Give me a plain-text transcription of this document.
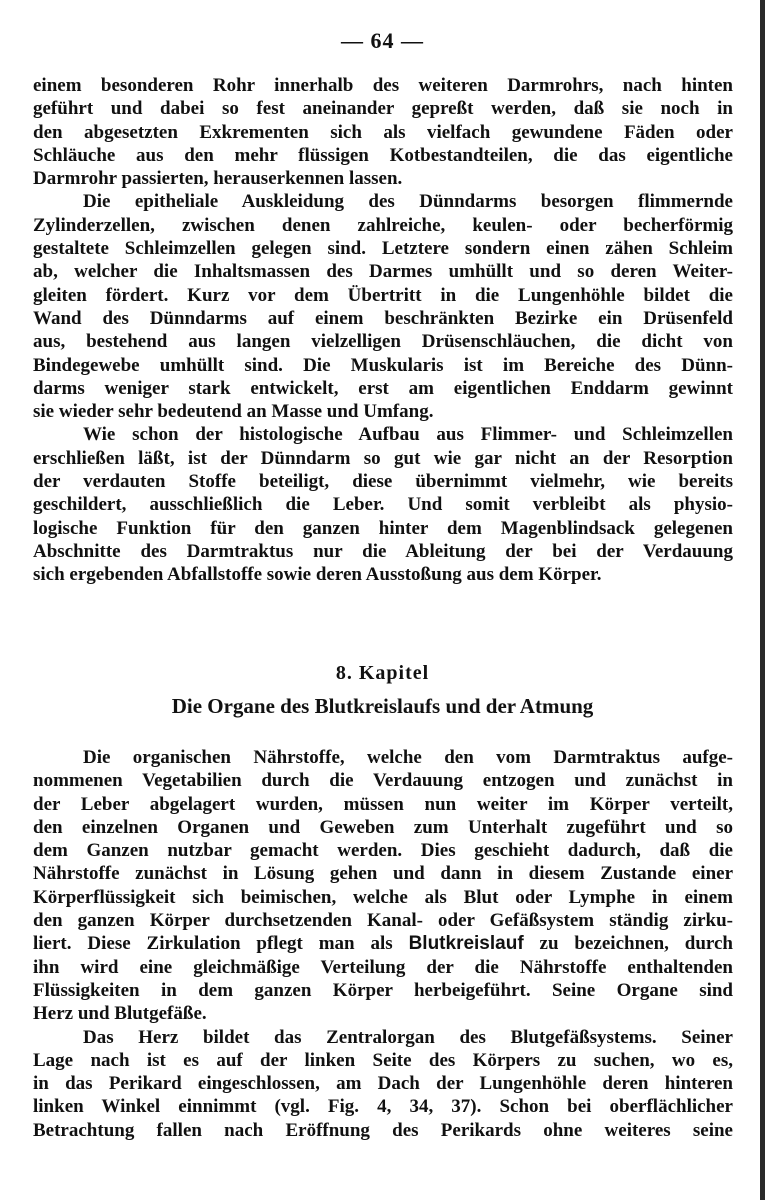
— 64 —
einem besonderen Rohr innerhalb des weiteren Darmrohrs, nach hinten
geführt und dabei so fest aneinander gepreßt werden, daß sie noch in
den abgesetzten Exkrementen sich als vielfach gewundene Fäden oder
Schläuche aus den mehr flüssigen Kotbestandteilen, die das eigentliche
Darmrohr passierten, herauserkennen lassen.
Die epitheliale Auskleidung des Dünndarms besorgen flimmernde
Zylinderzellen, zwischen denen zahlreiche, keulen- oder becherförmig
gestaltete Schleimzellen gelegen sind. Letztere sondern einen zähen Schleim
ab, welcher die Inhaltsmassen des Darmes umhüllt und so deren Weiter-
gleiten fördert. Kurz vor dem Übertritt in die Lungenhöhle bildet die
Wand des Dünndarms auf einem beschränkten Bezirke ein Drüsenfeld
aus, bestehend aus langen vielzelligen Drüsenschläuchen, die dicht von
Bindegewebe umhüllt sind. Die Muskularis ist im Bereiche des Dünn-
darms weniger stark entwickelt, erst am eigentlichen Enddarm gewinnt
sie wieder sehr bedeutend an Masse und Umfang.
Wie schon der histologische Aufbau aus Flimmer- und Schleimzellen
erschließen läßt, ist der Dünndarm so gut wie gar nicht an der Resorption
der verdauten Stoffe beteiligt, diese übernimmt vielmehr, wie bereits
geschildert, ausschließlich die Leber. Und somit verbleibt als physio-
logische Funktion für den ganzen hinter dem Magenblindsack gelegenen
Abschnitte des Darmtraktus nur die Ableitung der bei der Verdauung
sich ergebenden Abfallstoffe sowie deren Ausstoßung aus dem Körper.
8. Kapitel
Die Organe des Blutkreislaufs und der Atmung
Die organischen Nährstoffe, welche den vom Darmtraktus aufge-
nommenen Vegetabilien durch die Verdauung entzogen und zunächst in
der Leber abgelagert wurden, müssen nun weiter im Körper verteilt,
den einzelnen Organen und Geweben zum Unterhalt zugeführt und so
dem Ganzen nutzbar gemacht werden. Dies geschieht dadurch, daß die
Nährstoffe zunächst in Lösung gehen und dann in diesem Zustande einer
Körperflüssigkeit sich beimischen, welche als Blut oder Lymphe in einem
den ganzen Körper durchsetzenden Kanal- oder Gefäßsystem ständig zirku-
liert. Diese Zirkulation pflegt man als Blutkreislauf zu bezeichnen, durch
ihn wird eine gleichmäßige Verteilung der die Nährstoffe enthaltenden
Flüssigkeiten in dem ganzen Körper herbeigeführt. Seine Organe sind
Herz und Blutgefäße.
Das Herz bildet das Zentralorgan des Blutgefäßsystems. Seiner
Lage nach ist es auf der linken Seite des Körpers zu suchen, wo es,
in das Perikard eingeschlossen, am Dach der Lungenhöhle deren hinteren
linken Winkel einnimmt (vgl. Fig. 4, 34, 37). Schon bei oberflächlicher
Betrachtung fallen nach Eröffnung des Perikards ohne weiteres seine
